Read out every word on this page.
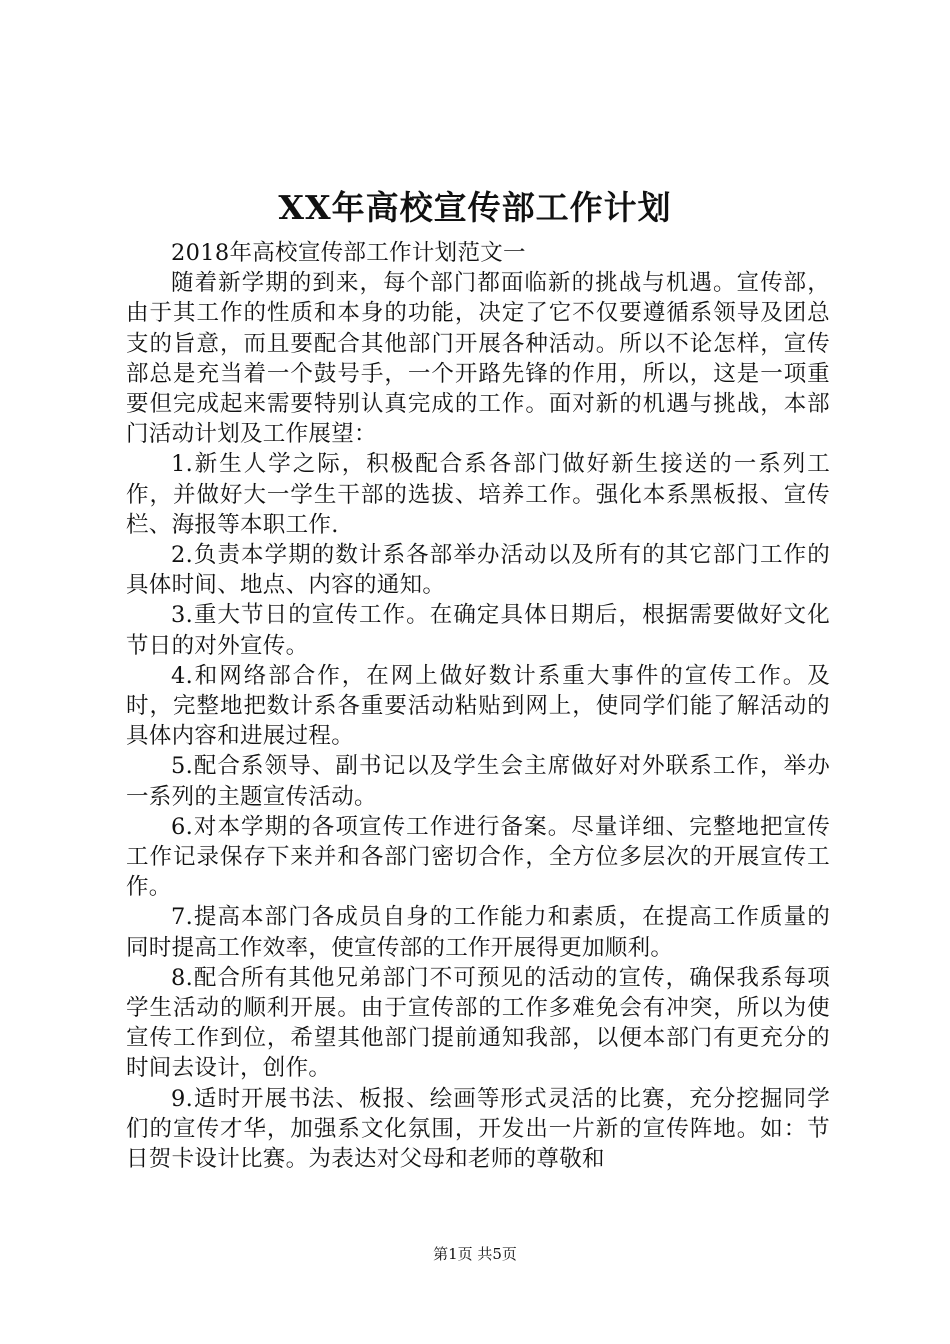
XX年高校宣传部工作计划

2018年高校宣传部工作计划范文一

随着新学期的到来，每个部门都面临新的挑战与机遇。宣传部，由于其工作的性质和本身的功能，决定了它不仅要遵循系领导及团总支的旨意，而且要配合其他部门开展各种活动。所以不论怎样，宣传部总是充当着一个鼓号手，一个开路先锋的作用，所以，这是一项重要但完成起来需要特别认真完成的工作。面对新的机遇与挑战，本部门活动计划及工作展望：

1.新生人学之际，积极配合系各部门做好新生接送的一系列工作，并做好大一学生干部的选拔、培养工作。强化本系黑板报、宣传栏、海报等本职工作.

2.负责本学期的数计系各部举办活动以及所有的其它部门工作的具体时间、地点、内容的通知。

3.重大节日的宣传工作。在确定具体日期后，根据需要做好文化节日的对外宣传。

4.和网络部合作，在网上做好数计系重大事件的宣传工作。及时，完整地把数计系各重要活动粘贴到网上，使同学们能了解活动的具体内容和进展过程。

5.配合系领导、副书记以及学生会主席做好对外联系工作，举办一系列的主题宣传活动。

6.对本学期的各项宣传工作进行备案。尽量详细、完整地把宣传工作记录保存下来并和各部门密切合作，全方位多层次的开展宣传工作。

7.提高本部门各成员自身的工作能力和素质，在提高工作质量的同时提高工作效率，使宣传部的工作开展得更加顺利。

8.配合所有其他兄弟部门不可预见的活动的宣传，确保我系每项学生活动的顺利开展。由于宣传部的工作多难免会有冲突，所以为使宣传工作到位，希望其他部门提前通知我部，以便本部门有更充分的时间去设计，创作。

9.适时开展书法、板报、绘画等形式灵活的比赛，充分挖掘同学们的宣传才华，加强系文化氛围，开发出一片新的宣传阵地。如：节日贺卡设计比赛。为表达对父母和老师的尊敬和

第1页 共5页
